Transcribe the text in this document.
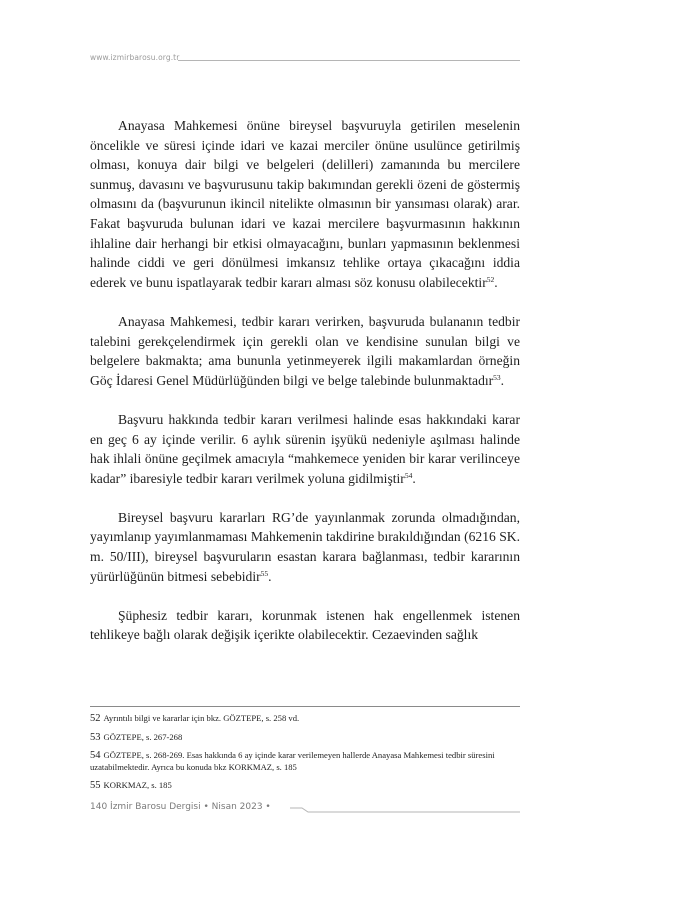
www.izmirbarosu.org.tr

Anayasa Mahkemesi önüne bireysel başvuruyla getirilen meselenin öncelikle ve süresi içinde idari ve kazai merciler önüne usulünce getirilmiş olması, konuya dair bilgi ve belgeleri (delilleri) zamanında bu mercilere sunmuş, davasını ve başvurusunu takip bakımından gerekli özeni de göstermiş olmasını da (başvurunun ikincil nitelikte olmasının bir yansıması olarak) arar. Fakat başvuruda bulunan idari ve kazai mercilere başvurmasının hakkının ihlaline dair herhangi bir etkisi olmayacağını, bunları yapmasının beklenmesi halinde ciddi ve geri dönülmesi imkansız tehlike ortaya çıkacağını iddia ederek ve bunu ispatlayarak tedbir kararı alması söz konusu olabilecektir$^{52}$.

Anayasa Mahkemesi, tedbir kararı verirken, başvuruda bulananın tedbir talebini gerekçelendirmek için gerekli olan ve kendisine sunulan bilgi ve belgelere bakmakta; ama bununla yetinmeyerek ilgili makamlardan örneğin Göç İdaresi Genel Müdürlüğünden bilgi ve belge talebinde bulunmaktadır$^{53}$.

Başvuru hakkında tedbir kararı verilmesi halinde esas hakkındaki karar en geç 6 ay içinde verilir. 6 aylık sürenin işyükü nedeniyle aşılması halinde hak ihlali önüne geçilmek amacıyla “mahkemece yeniden bir karar verilinceye kadar” ibaresiyle tedbir kararı verilmek yoluna gidilmiştir$^{54}$.

Bireysel başvuru kararları RG’de yayınlanmak zorunda olmadığından, yayımlanıp yayımlanmaması Mahkemenin takdirine bırakıldığından (6216 SK. m. 50/III), bireysel başvuruların esastan karara bağlanması, tedbir kararının yürürlüğünün bitmesi sebebidir$^{55}$.

Şüphesiz tedbir kararı, korunmak istenen hak engellenmek istenen tehlikeye bağlı olarak değişik içerikte olabilecektir. Cezaevinden sağlık

52 Ayrıntılı bilgi ve kararlar için bkz. GÖZTEPE, s. 258 vd.
53 GÖZTEPE, s. 267-268
54 GÖZTEPE, s. 268-269. Esas hakkında 6 ay içinde karar verilemeyen hallerde Anayasa Mahkemesi tedbir süresini uzatabilmektedir. Ayrıca bu konuda bkz KORKMAZ, s. 185
55 KORKMAZ, s. 185
140 İzmir Barosu Dergisi • Nisan 2023 •
